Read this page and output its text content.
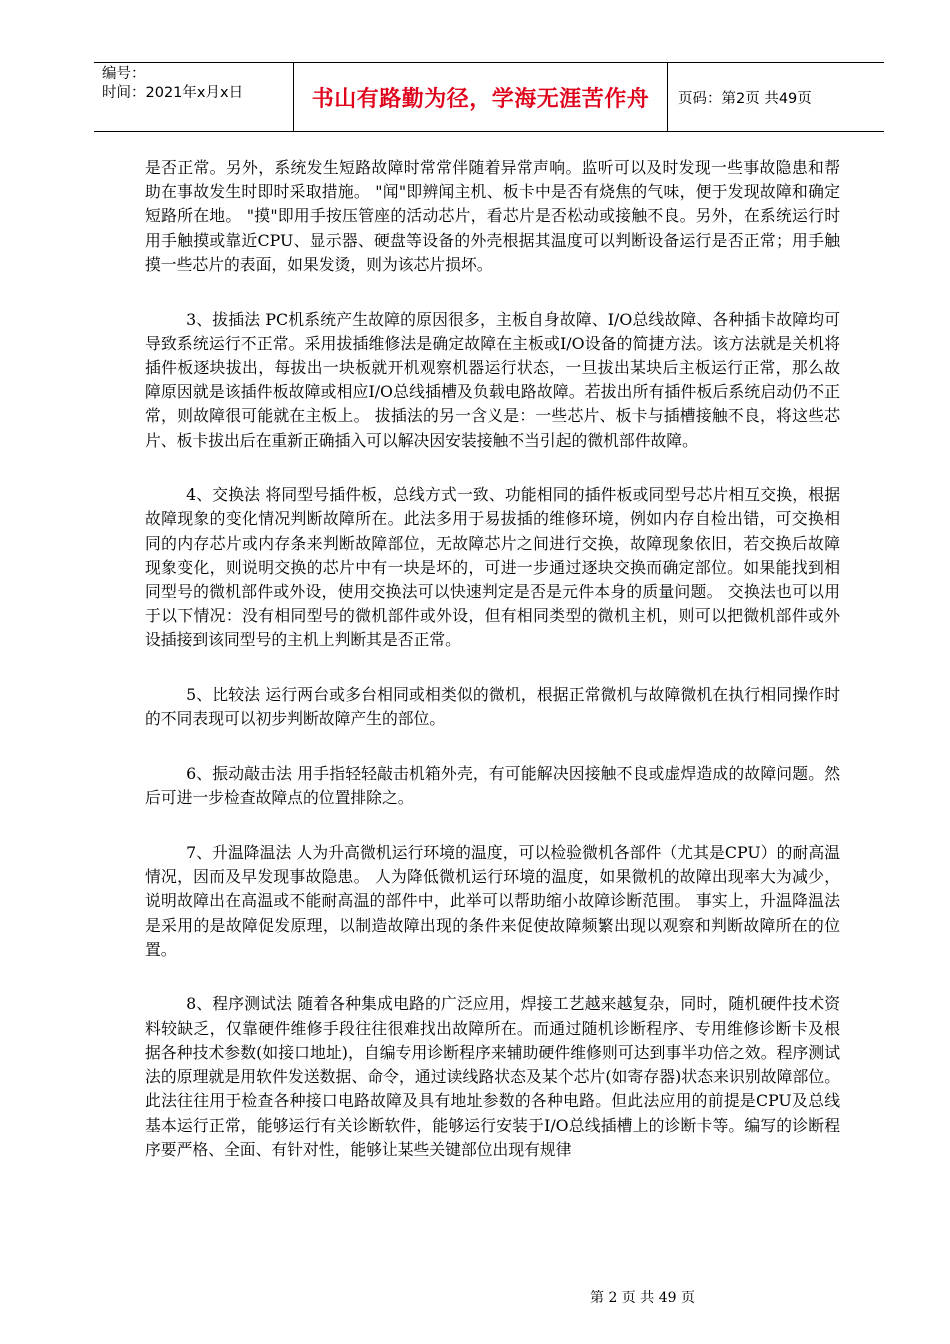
编号：
时间：2021年x月x日	书山有路勤为径，学海无涯苦作舟	页码：第2页 共49页

是否正常。另外，系统发生短路故障时常常伴随着异常声响。监听可以及时发现一些事故隐患和帮助在事故发生时即时采取措施。 "闻"即辨闻主机、板卡中是否有烧焦的气味，便于发现故障和确定短路所在地。 "摸"即用手按压管座的活动芯片，看芯片是否松动或接触不良。另外，在系统运行时用手触摸或靠近CPU、显示器、硬盘等设备的外壳根据其温度可以判断设备运行是否正常；用手触摸一些芯片的表面，如果发烫，则为该芯片损坏。

3、拔插法 PC机系统产生故障的原因很多，主板自身故障、I/O总线故障、各种插卡故障均可导致系统运行不正常。采用拔插维修法是确定故障在主板或I/O设备的简捷方法。该方法就是关机将插件板逐块拔出，每拔出一块板就开机观察机器运行状态，一旦拔出某块后主板运行正常，那么故障原因就是该插件板故障或相应I/O总线插槽及负载电路故障。若拔出所有插件板后系统启动仍不正常，则故障很可能就在主板上。 拔插法的另一含义是：一些芯片、板卡与插槽接触不良，将这些芯片、板卡拔出后在重新正确插入可以解决因安装接触不当引起的微机部件故障。

4、交换法 将同型号插件板，总线方式一致、功能相同的插件板或同型号芯片相互交换，根据故障现象的变化情况判断故障所在。此法多用于易拔插的维修环境，例如内存自检出错，可交换相同的内存芯片或内存条来判断故障部位，无故障芯片之间进行交换，故障现象依旧，若交换后故障现象变化，则说明交换的芯片中有一块是坏的，可进一步通过逐块交换而确定部位。如果能找到相同型号的微机部件或外设，使用交换法可以快速判定是否是元件本身的质量问题。 交换法也可以用于以下情况：没有相同型号的微机部件或外设，但有相同类型的微机主机，则可以把微机部件或外设插接到该同型号的主机上判断其是否正常。

5、比较法 运行两台或多台相同或相类似的微机，根据正常微机与故障微机在执行相同操作时的不同表现可以初步判断故障产生的部位。

6、振动敲击法 用手指轻轻敲击机箱外壳，有可能解决因接触不良或虚焊造成的故障问题。然后可进一步检查故障点的位置排除之。

7、升温降温法 人为升高微机运行环境的温度，可以检验微机各部件（尤其是CPU）的耐高温情况，因而及早发现事故隐患。 人为降低微机运行环境的温度，如果微机的故障出现率大为减少，说明故障出在高温或不能耐高温的部件中，此举可以帮助缩小故障诊断范围。 事实上，升温降温法是采用的是故障促发原理，以制造故障出现的条件来促使故障频繁出现以观察和判断故障所在的位置。

8、程序测试法 随着各种集成电路的广泛应用，焊接工艺越来越复杂，同时，随机硬件技术资料较缺乏，仅靠硬件维修手段往往很难找出故障所在。而通过随机诊断程序、专用维修诊断卡及根据各种技术参数(如接口地址)，自编专用诊断程序来辅助硬件维修则可达到事半功倍之效。程序测试法的原理就是用软件发送数据、命令，通过读线路状态及某个芯片(如寄存器)状态来识别故障部位。此法往往用于检查各种接口电路故障及具有地址参数的各种电路。但此法应用的前提是CPU及总线基本运行正常，能够运行有关诊断软件，能够运行安装于I/O总线插槽上的诊断卡等。编写的诊断程序要严格、全面、有针对性，能够让某些关键部位出现有规律

第 2 页 共 49 页
